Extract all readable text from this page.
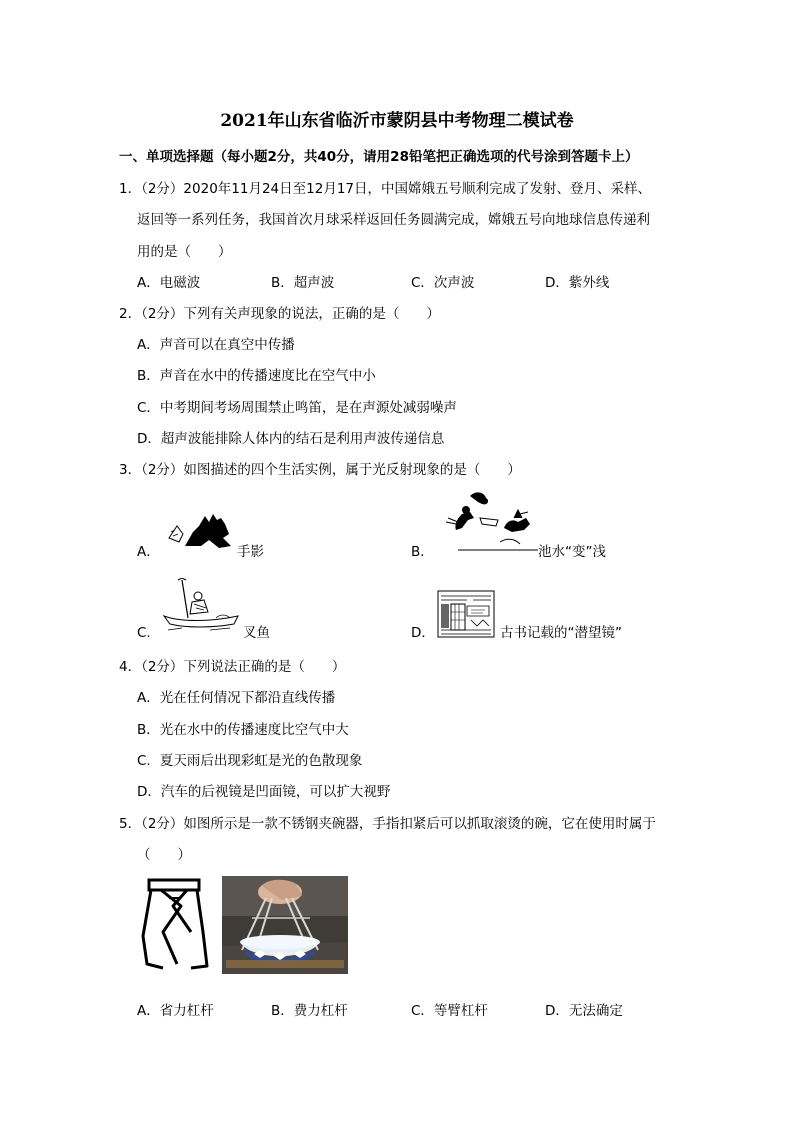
2021年山东省临沂市蒙阴县中考物理二模试卷
一、单项选择题（每小题2分，共40分，请用28铅笔把正确选项的代号涂到答题卡上）
1．（2分）2020年11月24日至12月17日，中国嫦娥五号顺利完成了发射、登月、采样、
返回等一系列任务，我国首次月球采样返回任务圆满完成，嫦娥五号向地球信息传递利
用的是（　　）
A．电磁波	B．超声波	C．次声波	D．紫外线
2．（2分）下列有关声现象的说法，正确的是（　　）
A．声音可以在真空中传播
B．声音在水中的传播速度比在空气中小
C．中考期间考场周围禁止鸣笛，是在声源处减弱噪声
D．超声波能排除人体内的结石是利用声波传递信息
3．（2分）如图描述的四个生活实例，属于光反射现象的是（　　）
A．	手影	B．	池水“变”浅
C．	叉鱼	D．	古书记载的“潜望镜”
4．（2分）下列说法正确的是（　　）
A．光在任何情况下都沿直线传播
B．光在水中的传播速度比空气中大
C．夏天雨后出现彩虹是光的色散现象
D．汽车的后视镜是凹面镜，可以扩大视野
5．（2分）如图所示是一款不锈钢夹碗器，手指扣紧后可以抓取滚烫的碗，它在使用时属于
（　　）
A．省力杠杆	B．费力杠杆	C．等臂杠杆	D．无法确定
